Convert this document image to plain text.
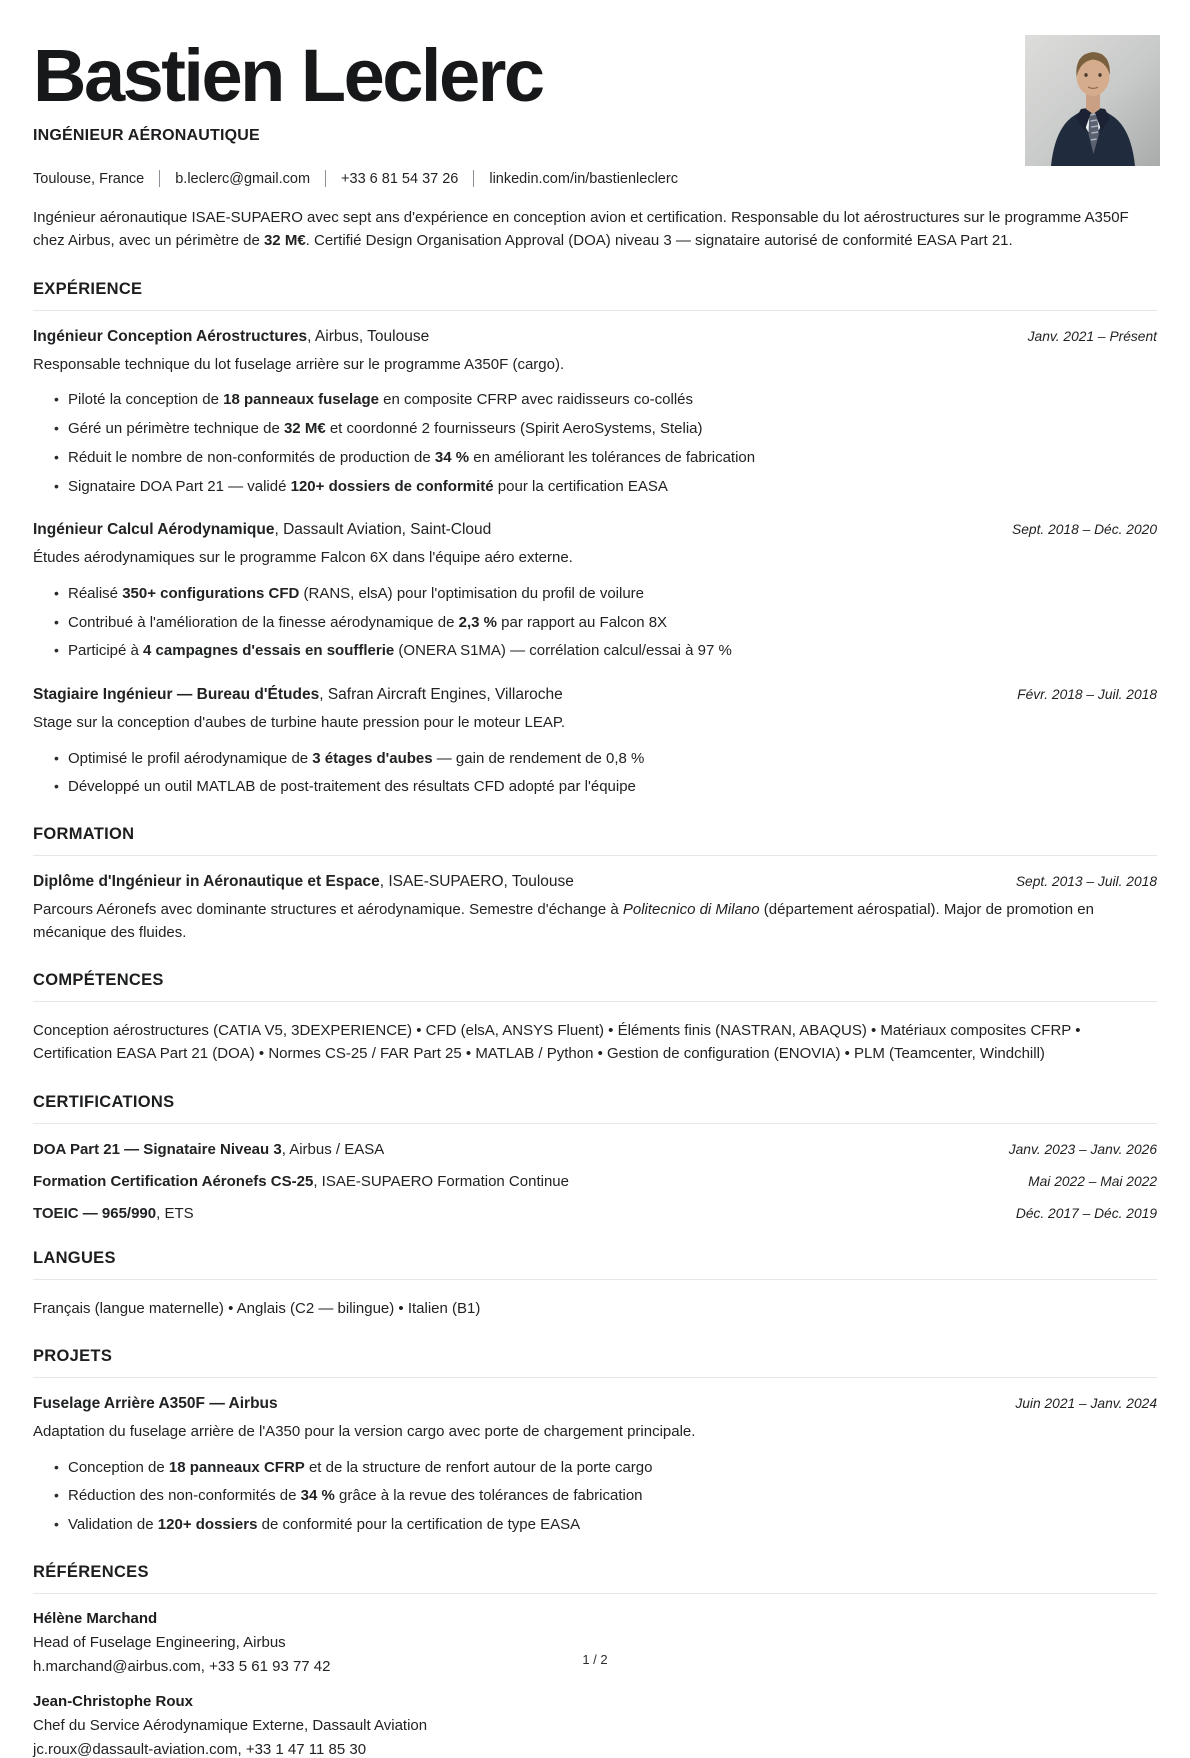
Bastien Leclerc
INGÉNIEUR AÉRONAUTIQUE
Toulouse, France b.leclerc@gmail.com +33 6 81 54 37 26 linkedin.com/in/bastienleclerc

Ingénieur aéronautique ISAE-SUPAERO avec sept ans d'expérience en conception avion et certification. Responsable du lot aérostructures sur le programme A350F chez Airbus, avec un périmètre de 32 M€. Certifié Design Organisation Approval (DOA) niveau 3 — signataire autorisé de conformité EASA Part 21.

EXPÉRIENCE
Ingénieur Conception Aérostructures, Airbus, Toulouse	Janv. 2021 – Présent
Responsable technique du lot fuselage arrière sur le programme A350F (cargo).
• Piloté la conception de 18 panneaux fuselage en composite CFRP avec raidisseurs co-collés
• Géré un périmètre technique de 32 M€ et coordonné 2 fournisseurs (Spirit AeroSystems, Stelia)
• Réduit le nombre de non-conformités de production de 34 % en améliorant les tolérances de fabrication
• Signataire DOA Part 21 — validé 120+ dossiers de conformité pour la certification EASA
Ingénieur Calcul Aérodynamique, Dassault Aviation, Saint-Cloud	Sept. 2018 – Déc. 2020
Études aérodynamiques sur le programme Falcon 6X dans l'équipe aéro externe.
• Réalisé 350+ configurations CFD (RANS, elsA) pour l'optimisation du profil de voilure
• Contribué à l'amélioration de la finesse aérodynamique de 2,3 % par rapport au Falcon 8X
• Participé à 4 campagnes d'essais en soufflerie (ONERA S1MA) — corrélation calcul/essai à 97 %
Stagiaire Ingénieur — Bureau d'Études, Safran Aircraft Engines, Villaroche	Févr. 2018 – Juil. 2018
Stage sur la conception d'aubes de turbine haute pression pour le moteur LEAP.
• Optimisé le profil aérodynamique de 3 étages d'aubes — gain de rendement de 0,8 %
• Développé un outil MATLAB de post-traitement des résultats CFD adopté par l'équipe
FORMATION
Diplôme d'Ingénieur in Aéronautique et Espace, ISAE-SUPAERO, Toulouse	Sept. 2013 – Juil. 2018
Parcours Aéronefs avec dominante structures et aérodynamique. Semestre d'échange à Politecnico di Milano (département aérospatial). Major de promotion en mécanique des fluides.
COMPÉTENCES
Conception aérostructures (CATIA V5, 3DEXPERIENCE) • CFD (elsA, ANSYS Fluent) • Éléments finis (NASTRAN, ABAQUS) • Matériaux composites CFRP • Certification EASA Part 21 (DOA) • Normes CS-25 / FAR Part 25 • MATLAB / Python • Gestion de configuration (ENOVIA) • PLM (Teamcenter, Windchill)
CERTIFICATIONS
DOA Part 21 — Signataire Niveau 3, Airbus / EASA	Janv. 2023 – Janv. 2026
Formation Certification Aéronefs CS-25, ISAE-SUPAERO Formation Continue	Mai 2022 – Mai 2022
TOEIC — 965/990, ETS	Déc. 2017 – Déc. 2019
LANGUES
Français (langue maternelle) • Anglais (C2 — bilingue) • Italien (B1)
PROJETS
Fuselage Arrière A350F — Airbus	Juin 2021 – Janv. 2024
Adaptation du fuselage arrière de l'A350 pour la version cargo avec porte de chargement principale.
• Conception de 18 panneaux CFRP et de la structure de renfort autour de la porte cargo
• Réduction des non-conformités de 34 % grâce à la revue des tolérances de fabrication
• Validation de 120+ dossiers de conformité pour la certification de type EASA
RÉFÉRENCES
Hélène Marchand
Head of Fuselage Engineering, Airbus
h.marchand@airbus.com, +33 5 61 93 77 42
Jean-Christophe Roux
Chef du Service Aérodynamique Externe, Dassault Aviation
jc.roux@dassault-aviation.com, +33 1 47 11 85 30
1 / 2
